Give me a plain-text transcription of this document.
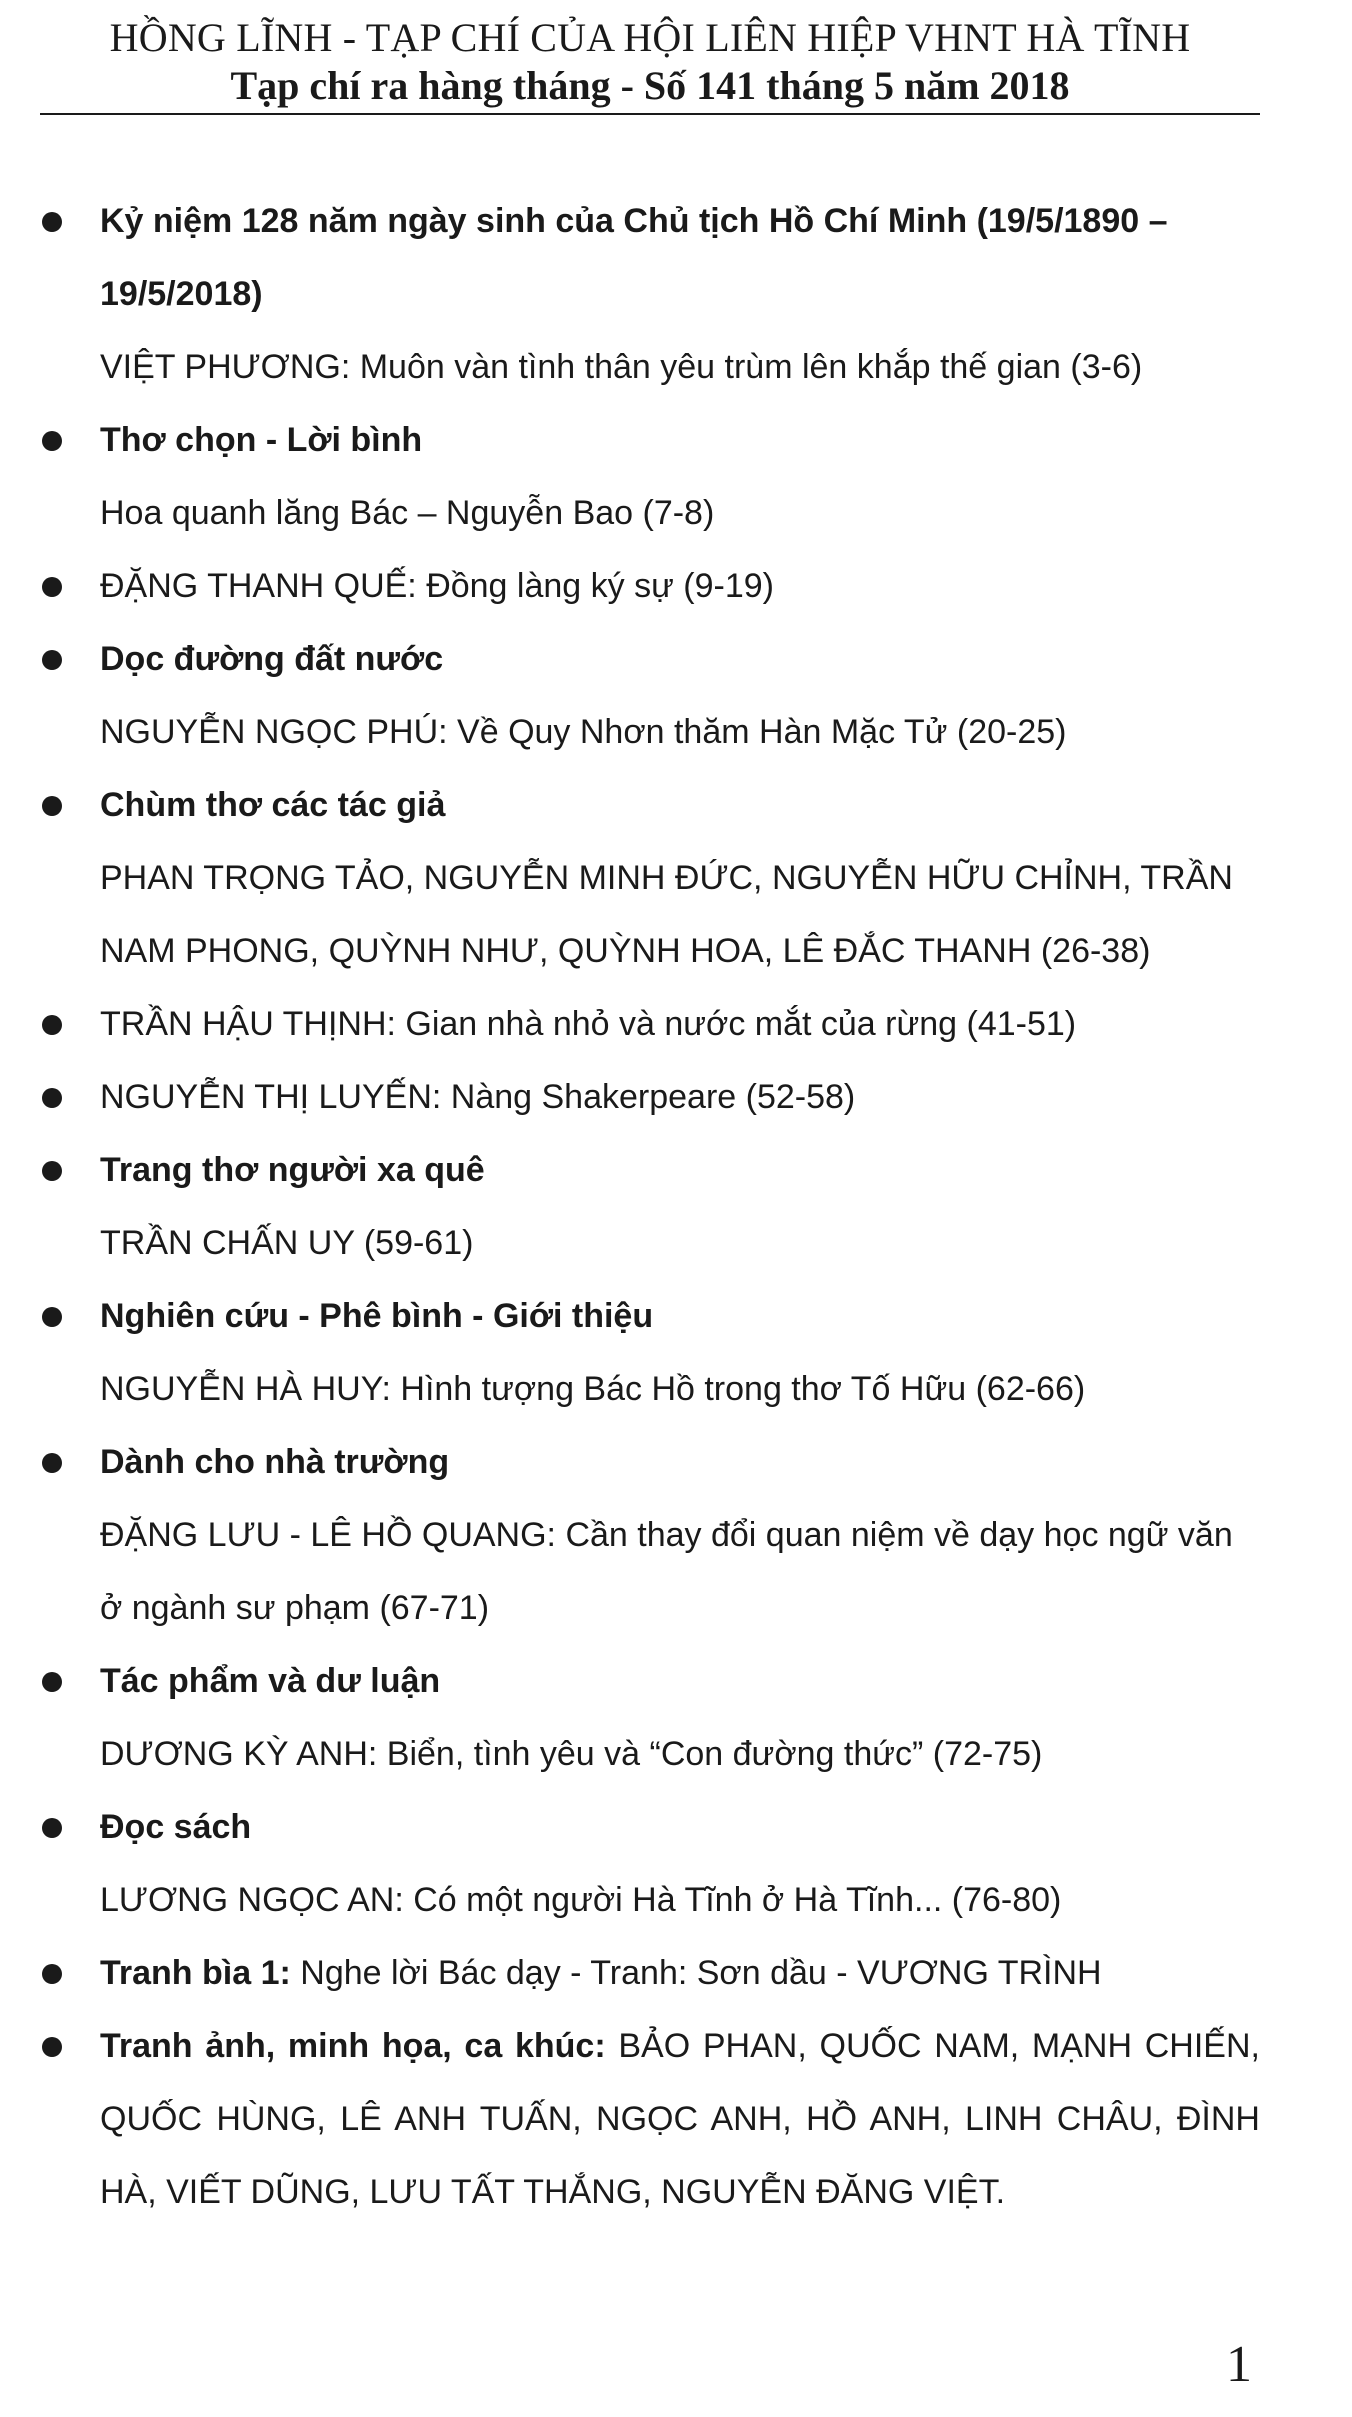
HỒNG LĨNH - TẠP CHÍ CỦA HỘI LIÊN HIỆP VHNT HÀ TĨNH
Tạp chí ra hàng tháng - Số 141 tháng 5 năm 2018
Kỷ niệm 128 năm ngày sinh của Chủ tịch Hồ Chí Minh (19/5/1890 – 19/5/2018)
VIỆT PHƯƠNG: Muôn vàn tình thân yêu trùm lên khắp thế gian (3-6)
Thơ chọn - Lời bình
Hoa quanh lăng Bác – Nguyễn Bao (7-8)
ĐẶNG THANH QUẾ: Đồng làng ký sự (9-19)
Dọc đường đất nước
NGUYỄN NGỌC PHÚ: Về Quy Nhơn thăm Hàn Mặc Tử (20-25)
Chùm thơ các tác giả
PHAN TRỌNG TẢO, NGUYỄN MINH ĐỨC, NGUYỄN HỮU CHỈNH, TRẦN NAM PHONG, QUỲNH NHƯ, QUỲNH HOA, LÊ ĐẮC THANH (26-38)
TRẦN HẬU THỊNH: Gian nhà nhỏ và nước mắt của rừng (41-51)
NGUYỄN THỊ LUYẾN: Nàng Shakerpeare (52-58)
Trang thơ người xa quê
TRẦN CHẤN UY (59-61)
Nghiên cứu - Phê bình - Giới thiệu
NGUYỄN HÀ HUY: Hình tượng Bác Hồ trong thơ Tố Hữu (62-66)
Dành cho nhà trường
ĐẶNG LƯU - LÊ HỒ QUANG: Cần thay đổi quan niệm về dạy học ngữ văn ở ngành sư phạm (67-71)
Tác phẩm và dư luận
DƯƠNG KỲ ANH: Biển, tình yêu và “Con đường thức” (72-75)
Đọc sách
LƯƠNG NGỌC AN: Có một người Hà Tĩnh ở Hà Tĩnh... (76-80)
Tranh bìa 1: Nghe lời Bác dạy - Tranh: Sơn dầu - VƯƠNG TRÌNH
Tranh ảnh, minh họa, ca khúc: BẢO PHAN, QUỐC NAM, MẠNH CHIẾN, QUỐC HÙNG, LÊ ANH TUẤN, NGỌC ANH, HỒ ANH, LINH CHÂU, ĐÌNH HÀ, VIẾT DŨNG, LƯU TẤT THẮNG, NGUYỄN ĐĂNG VIỆT.
1
